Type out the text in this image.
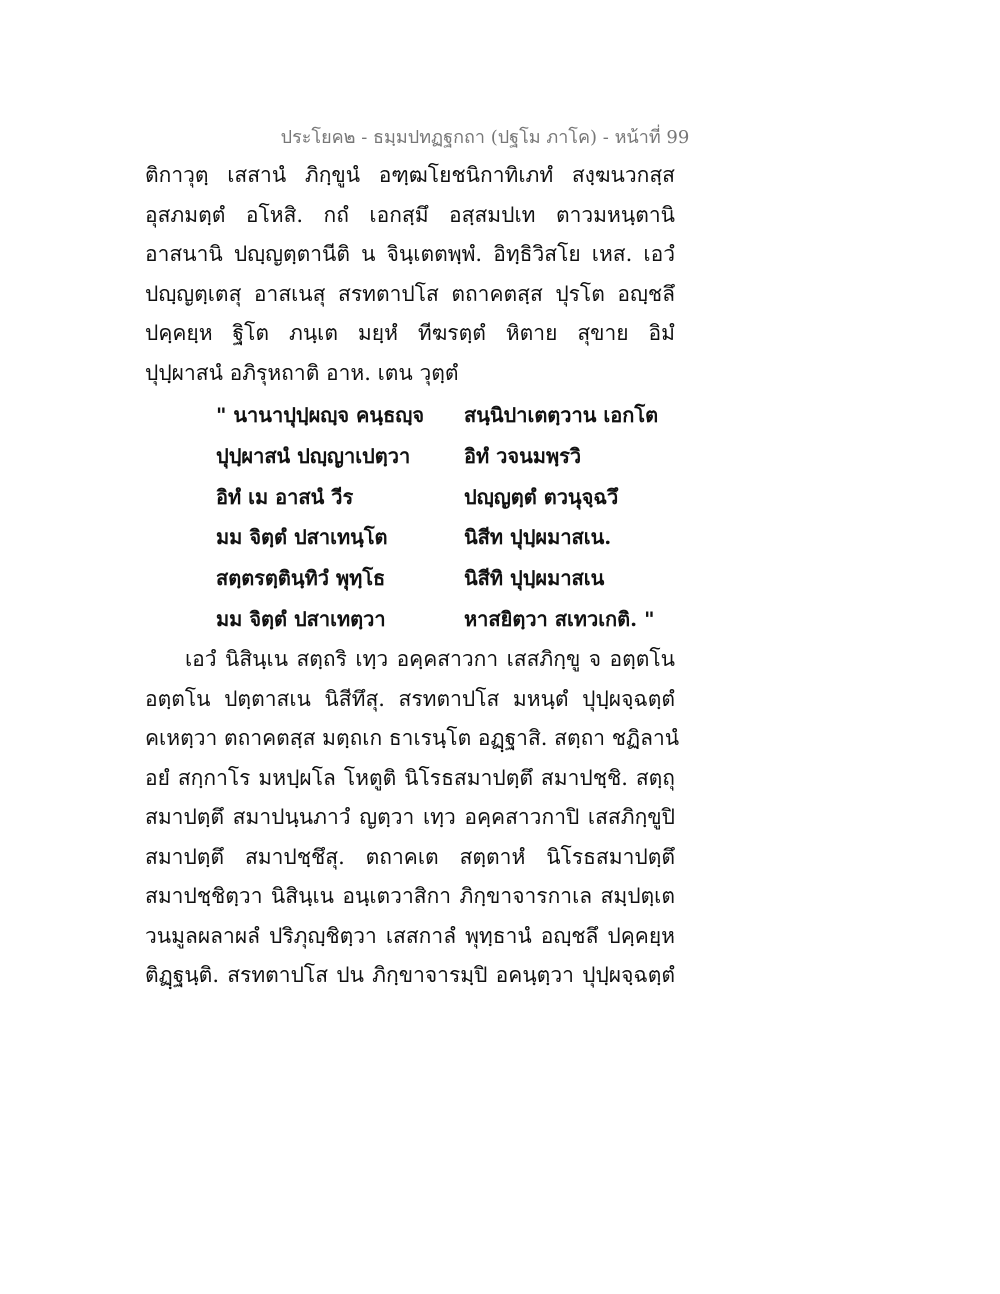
ประโยค๒ - ธมฺมปทฏฐกถา (ปฐโม ภาโค) - หน้าที่ 99
ติกาวุตฺ เสสานํ ภิกฺขูนํ อฑฺฒโยชนิกาทิเภทํ สงฺฆนวกสฺส
อุสภมตฺตํ อโหสิ. กถํ เอกสฺมึ อสฺสมปเท ตาวมหนฺตานิ
อาสนานิ ปญฺญตฺตานีติ น จินฺเตตพฺพํ. อิทฺธิวิสโย เหส. เอวํ
ปญฺญตฺเตสุ อาสเนสุ สรทตาปโส ตถาคตสฺส ปุรโต อญฺชลึ
ปคฺคยฺห ฐิโต ภนฺเต มยฺหํ ทีฆรตฺตํ หิตาย สุขาย อิมํ
ปุปฺผาสนํ อภิรุหถาติ อาห. เตน วุตฺตํ
" นานาปุปฺผญฺจ คนฺธญฺจ	สนฺนิปาเตตฺวาน เอกโต
ปุปฺผาสนํ ปญฺญาเปตฺวา	อิทํ วจนมพฺรวิ
อิทํ เม อาสนํ วีร	ปญฺญตฺตํ ตวนุจฺฉวึ
มม จิตฺตํ ปสาเทนฺโต	นิสีท ปุปฺผมาสเน.
สตฺตรตฺตินฺทิวํ พุทฺโธ	นิสีทิ ปุปฺผมาสเน
มม จิตฺตํ ปสาเทตฺวา	หาสยิตฺวา สเทวเกติ. "
เอวํ นิสินฺเน สตฺถริ เทฺว อคฺคสาวกา เสสภิกฺขู จ อตฺตโน
อตฺตโน ปตฺตาสเน นิสีทึสุ. สรทตาปโส มหนฺตํ ปุปฺผจฺฉตฺตํ
คเหตฺวา ตถาคตสฺส มตฺถเก ธาเรนฺโต อฏฺฐาสิ. สตฺถา ชฏิลานํ
อยํ สกฺกาโร มหปฺผโล โหตูติ นิโรธสมาปตฺตึ สมาปชฺชิ. สตฺถุ
สมาปตฺตึ สมาปนฺนภาวํ ญตฺวา เทฺว อคฺคสาวกาปิ เสสภิกฺขูปิ
สมาปตฺตึ สมาปชฺชึสุ. ตถาคเต สตฺตาหํ นิโรธสมาปตฺตึ
สมาปชฺชิตฺวา นิสินฺเน อนฺเตวาสิกา ภิกฺขาจารกาเล สมฺปตฺเต
วนมูลผลาผลํ ปริภุญฺชิตฺวา เสสกาลํ พุทฺธานํ อญฺชลึ ปคฺคยฺห
ติฏฺฐนฺติ. สรทตาปโส ปน ภิกฺขาจารมฺปิ อคนฺตฺวา ปุปฺผจฺฉตฺตํ
